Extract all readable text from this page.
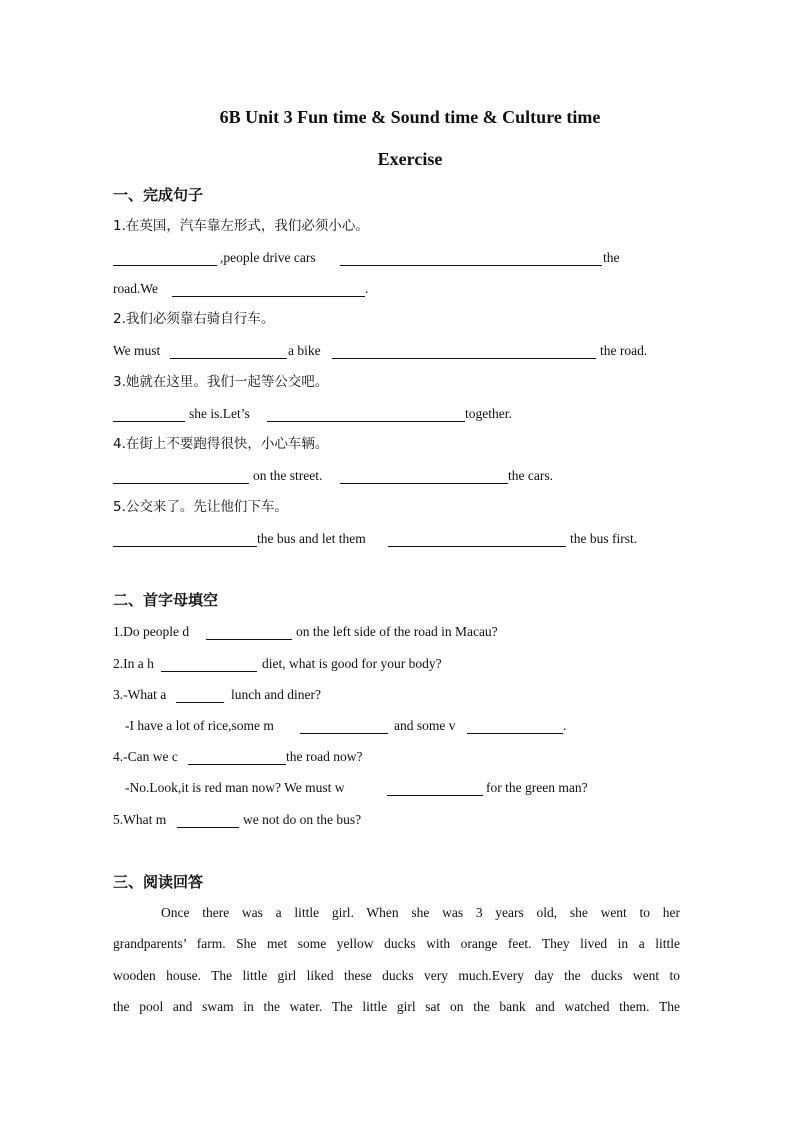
6B Unit 3 Fun time & Sound time & Culture time
Exercise
一、完成句子
1.在英国，汽车靠左形式，我们必须小心。
,people drive cars	the
road.We	.
2.我们必须靠右骑自行车。
We must	a bike	the road.
3.她就在这里。我们一起等公交吧。
she is.Let’s	together.
4.在街上不要跑得很快，小心车辆。
on the street.	the cars.
5.公交来了。先让他们下车。
the bus and let them	the bus first.
二、首字母填空
1.Do people d	on the left side of the road in Macau?
2.In a h	diet, what is good for your body?
3.-What a	lunch and diner?
-I have a lot of rice,some m	and some v	.
4.-Can we c	the road now?
-No.Look,it is red man now? We must w	for the green man?
5.What m	we not do on the bus?
三、阅读回答
Once there was a little girl. When she was 3 years old, she went to her
grandparents’ farm. She met some yellow ducks with orange feet. They lived in a little
wooden house. The little girl liked these ducks very much.Every day the ducks went to
the pool and swam in the water. The little girl sat on the bank and watched them. The
